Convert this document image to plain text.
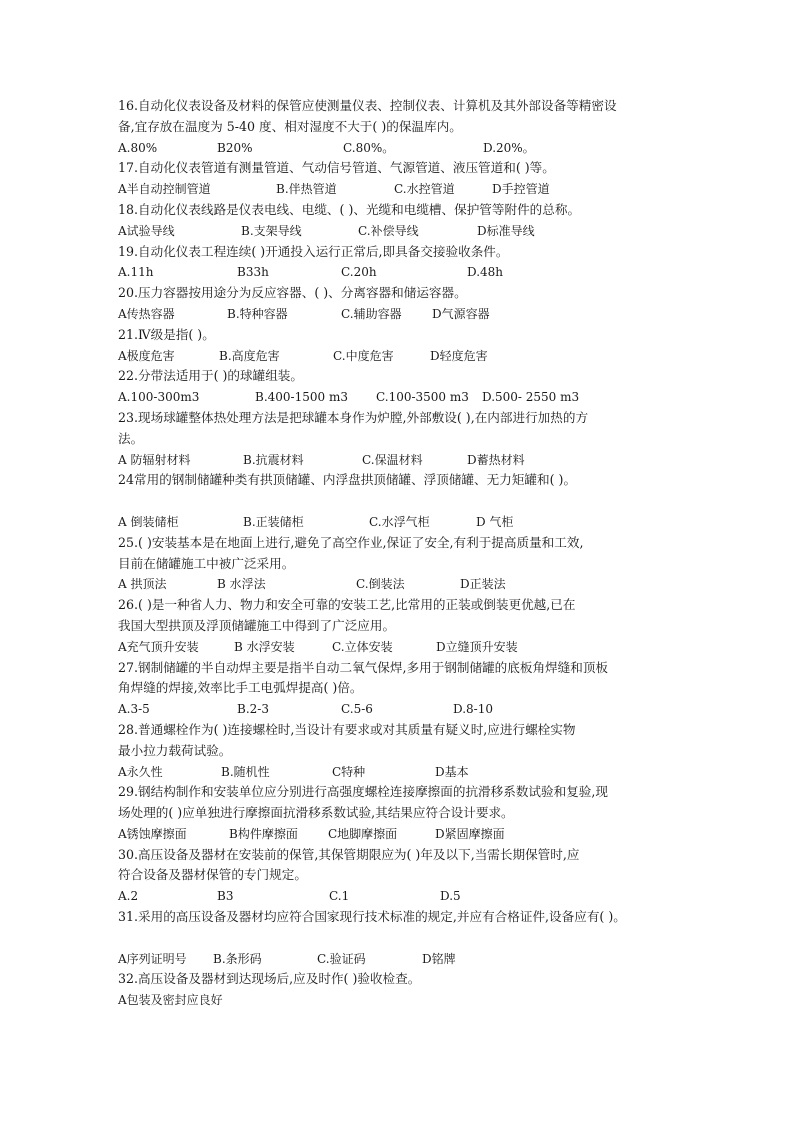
16.自动化仪表设备及材料的保管应使测量仪表、控制仪表、计算机及其外部设备等精密设

备,宜存放在温度为 5-40 度、相对湿度不大于( )的保温库内。

A.80%	B20%	C.80%。	D.20%。

17.自动化仪表管道有测量管道、气动信号管道、气源管道、液压管道和( )等。

A半自动控制管道	B.伴热管道	C.水控管道	D手控管道

18.自动化仪表线路是仪表电线、电缆、( )、光缆和电缆槽、保护管等附件的总称。

A试验导线	B.支架导线	C.补偿导线	D标准导线

19.自动化仪表工程连续( )开通投入运行正常后,即具备交接验收条件。

A.11h	B33h	C.20h	D.48h

20.压力容器按用途分为反应容器、( )、分离容器和储运容器。

A传热容器	B.特种容器	C.辅助容器	D气源容器

21.Ⅳ级是指( )。

A极度危害	B.高度危害	C.中度危害	D轻度危害

22.分带法适用于( )的球罐组装。

A.100-300m3	B.400-1500 m3	C.100-3500 m3	D.500- 2550 m3

23.现场球罐整体热处理方法是把球罐本身作为炉膛,外部敷设( ),在内部进行加热的方

法。

A 防辐射材料	B.抗震材料	C.保温材料	D蓄热材料

24常用的钢制储罐种类有拱顶储罐、内浮盘拱顶储罐、浮顶储罐、无力矩罐和( )。

A 倒装储柜	B.正装储柜	C.水浮气柜	D 气柜

25.( )安装基本是在地面上进行,避免了高空作业,保证了安全,有利于提高质量和工效,

目前在储罐施工中被广泛采用。

A 拱顶法	B 水浮法	C.倒装法	D正装法

26.( )是一种省人力、物力和安全可靠的安装工艺,比常用的正装或倒装更优越,已在

我国大型拱顶及浮顶储罐施工中得到了广泛应用。

A充气顶升安装	B 水浮安装	C.立体安装	D立缝顶升安装

27.钢制储罐的半自动焊主要是指半自动二氧气保焊,多用于钢制储罐的底板角焊缝和顶板

角焊缝的焊接,效率比手工电弧焊提高( )倍。

A.3-5	B.2-3	C.5-6	D.8-10

28.普通螺栓作为( )连接螺栓时,当设计有要求或对其质量有疑义时,应进行螺栓实物

最小拉力载荷试验。

A永久性	B.随机性	C特种	D基本

29.钢结构制作和安装单位应分别进行高强度螺栓连接摩擦面的抗滑移系数试验和复验,现

场处理的( )应单独进行摩擦面抗滑移系数试验,其结果应符合设计要求。

A锈蚀摩擦面	B构件摩擦面	C地脚摩擦面	D紧固摩擦面

30.高压设备及器材在安装前的保管,其保管期限应为( )年及以下,当需长期保管时,应

符合设备及器材保管的专门规定。

A.2	B3	C.1	D.5

31.采用的高压设备及器材均应符合国家现行技术标准的规定,并应有合格证件,设备应有( )。

A序列证明号	B.条形码	C.验证码	D铭牌

32.高压设备及器材到达现场后,应及时作( )验收检查。

A包装及密封应良好
